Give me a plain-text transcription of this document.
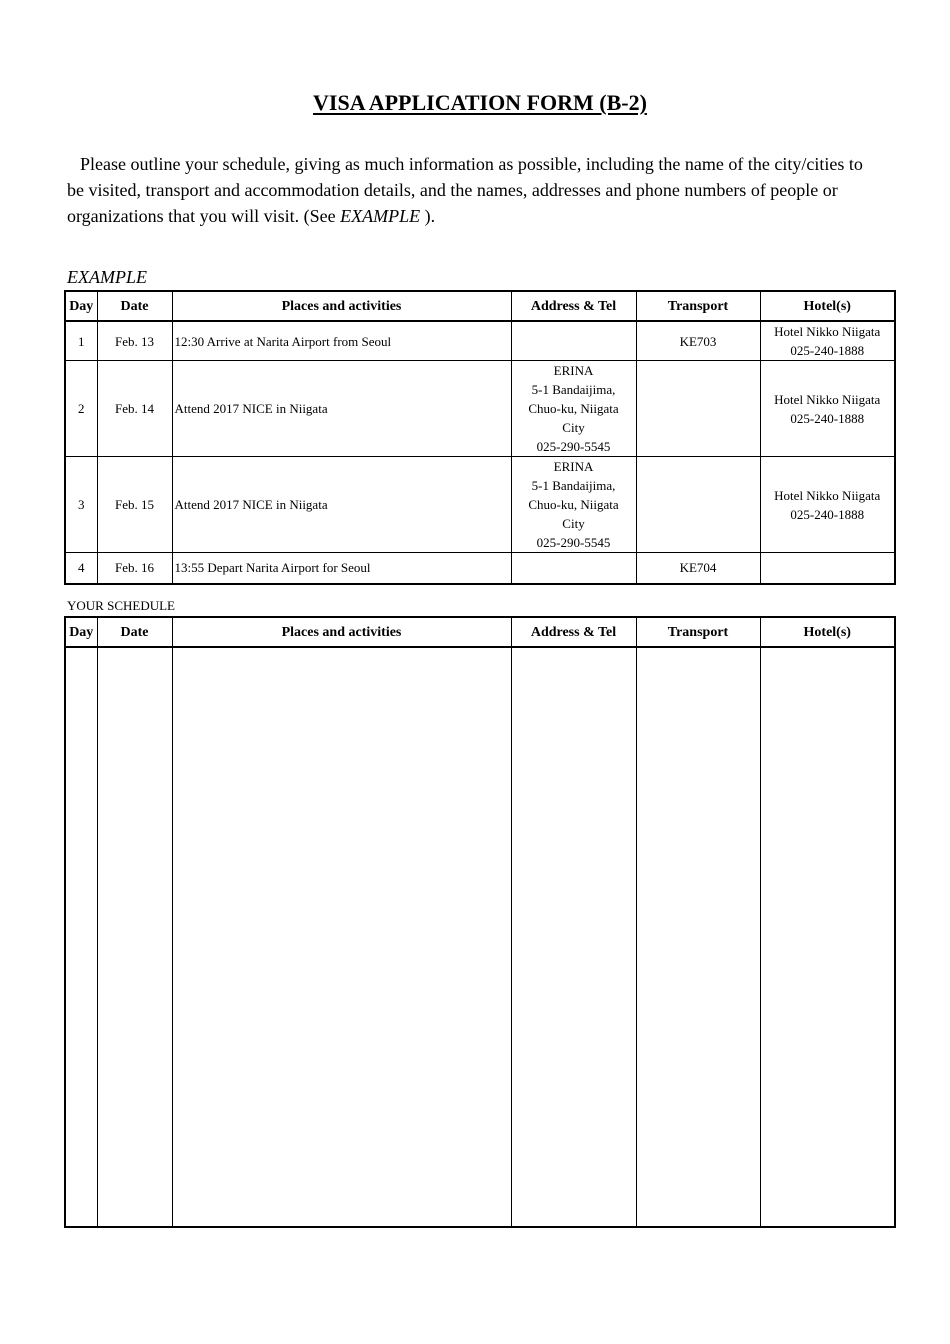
VISA APPLICATION FORM (B-2)
Please outline your schedule, giving as much information as possible, including the name of the city/cities to be visited, transport and accommodation details, and the names, addresses and phone numbers of people or organizations that you will visit. (See EXAMPLE ).
EXAMPLE
Day	Date	Places and activities	Address & Tel	Transport	Hotel(s)
1	Feb. 13	12:30 Arrive at Narita Airport from Seoul		KE703	Hotel Nikko Niigata
025-240-1888

2	Feb. 14	Attend 2017 NICE in Niigata	ERINA
5-1 Bandaijima,
Chuo-ku, Niigata
City
025-290-5545		Hotel Nikko Niigata
025-240-1888

3	Feb. 15	Attend 2017 NICE in Niigata	ERINA
5-1 Bandaijima,
Chuo-ku, Niigata
City
025-290-5545		Hotel Nikko Niigata
025-240-1888

4	Feb. 16	13:55 Depart Narita Airport for Seoul		KE704	
YOUR SCHEDULE
Day	Date	Places and activities	Address & Tel	Transport	Hotel(s)
